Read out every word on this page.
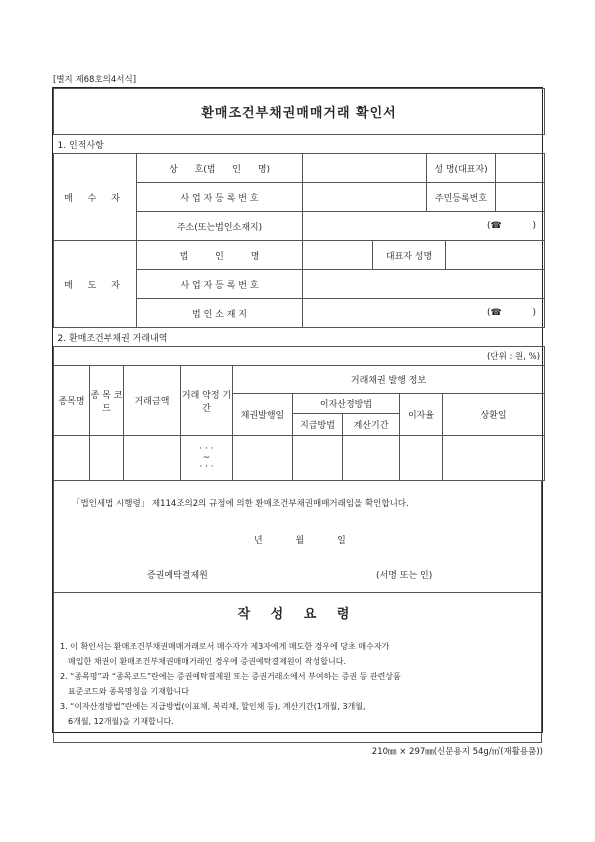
[별지 제68호의4서식]
환매조건부채권매매거래 확인서						
1. 인적사항						
매 수 자	상 호(법 인 명)			성 명(대표자)		
	사 업 자 등 록 번 호			주민등록번호		
	주소(또는법인소재지)	(☎ )				
매 도 자	법 인 명		대표자 성명			
	사 업 자 등 록 번 호					
	법 인 소 재 지	(☎ )				
2. 환매조건부채권 거래내역						
(단위 : 원, %)						
종목명	종 목 코 드	거래금액	거래 약정 기간	거래채권 발행 정보				
				채권발행일	이자산정방법		이자율	상환일
					지급방법	계산기간		

			· · ·
~
· · ·					

「법인세법 시행령」 제114조의2의 규정에 의한 환매조건부채권매매거래임을 확인합니다.
년 월 일
증권예탁결제원	(서명 또는 인)
작 성 요 령
1. 이 확인서는 환매조건부채권매매거래로서 매수자가 제3자에게 매도한 경우에 당초 매수자가
매입한 채권이 환매조건부채권매매거래인 경우에 증권예탁결제원이 작성합니다.
2. “종목명”과 “종목코드”란에는 증권예탁결제원 또는 증권거래소에서 부여하는 증권 등 관련상품
표준코드와 종목명칭을 기재합니다
3. “이자산정방법”란에는 지급방법(이표채, 복리채, 할인채 등), 계산기간(1개월, 3개월,
6개월, 12개월)을 기재합니다.
210㎜ × 297㎜(신문용지 54g/㎡(재활용품))
